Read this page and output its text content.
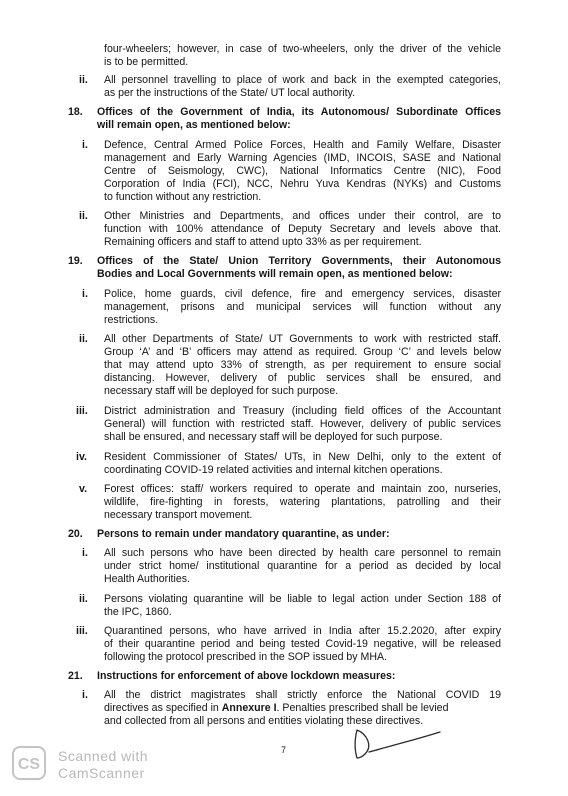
ii.
18.
i.
ii.
19.
i.
ii.
iii.
iv.
v.
20.
i.
ii.
iii.
21.
i.
four-wheelers; however, in case of two-wheelers, only the driver of the vehicle
is to be permitted.
All personnel travelling to place of work and back in the exempted categories,
as per the instructions of the State/ UT local authority.
Offices of the Government of India, its Autonomous/ Subordinate Offices
will remain open, as mentioned below:
Defence, Central Armed Police Forces, Health and Family Welfare, Disaster
management and Early Warning Agencies (IMD, INCOIS, SASE and National
Centre of Seismology, CWC), National Informatics Centre (NIC), Food
Corporation of India (FCI), NCC, Nehru Yuva Kendras (NYKs) and Customs
to function without any restriction.
Other Ministries and Departments, and offices under their control, are to
function with 100% attendance of Deputy Secretary and levels above that.
Remaining officers and staff to attend upto 33% as per requirement.
Offices of the State/ Union Territory Governments, their Autonomous
Bodies and Local Governments will remain open, as mentioned below:
Police, home guards, civil defence, fire and emergency services, disaster
management, prisons and municipal services will function without any
restrictions.
All other Departments of State/ UT Governments to work with restricted staff.
Group ‘A’ and ‘B’ officers may attend as required. Group ‘C’ and levels below
that may attend upto 33% of strength, as per requirement to ensure social
distancing. However, delivery of public services shall be ensured, and
necessary staff will be deployed for such purpose.
District administration and Treasury (including field offices of the Accountant
General) will function with restricted staff. However, delivery of public services
shall be ensured, and necessary staff will be deployed for such purpose.
Resident Commissioner of States/ UTs, in New Delhi, only to the extent of
coordinating COVID-19 related activities and internal kitchen operations.
Forest offices: staff/ workers required to operate and maintain zoo, nurseries,
wildlife, fire-fighting in forests, watering plantations, patrolling and their
necessary transport movement.
Persons to remain under mandatory quarantine, as under:
All such persons who have been directed by health care personnel to remain
under strict home/ institutional quarantine for a period as decided by local
Health Authorities.
Persons violating quarantine will be liable to legal action under Section 188 of
the IPC, 1860.
Quarantined persons, who have arrived in India after 15.2.2020, after expiry
of their quarantine period and being tested Covid-19 negative, will be released
following the protocol prescribed in the SOP issued by MHA.
Instructions for enforcement of above lockdown measures:
All the district magistrates shall strictly enforce the National COVID 19
directives as specified in Annexure I. Penalties prescribed shall be levied
and collected from all persons and entities violating these directives.
CS Scanned with
CamScanner
7
